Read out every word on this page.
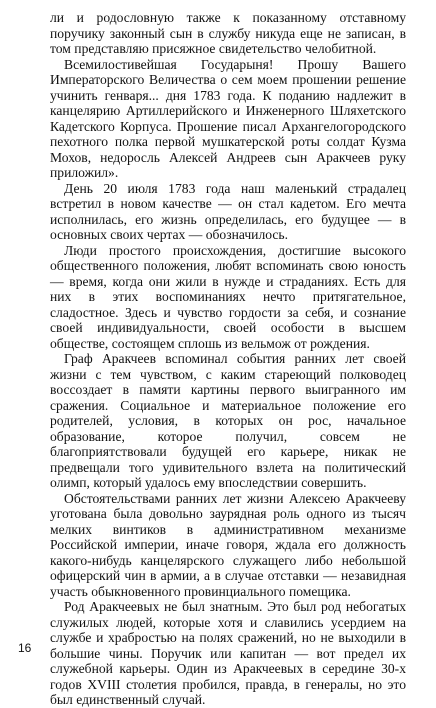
ли и родословную также к показанному отставному поручику законный сын в службу никуда еще не записан, в том представляю присяжное свидетельство челобитной.

Всемилостивейшая Государыня! Прошу Вашего Императорского Величества о сем моем прошении решение учинить генваря... дня 1783 года. К поданию надлежит в канцелярию Артиллерийского и Инженерного Шляхетского Кадетского Корпуса. Прошение писал Архангелогородского пехотного полка первой мушкатерской роты солдат Кузма Мохов, недоросль Алексей Андреев сын Аракчеев руку приложил».

День 20 июля 1783 года наш маленький страдалец встретил в новом качестве — он стал кадетом. Его мечта исполнилась, его жизнь определилась, его будущее — в основных своих чертах — обозначилось.

Люди простого происхождения, достигшие высокого общественного положения, любят вспоминать свою юность — время, когда они жили в нужде и страданиях. Есть для них в этих воспоминаниях нечто притягательное, сладостное. Здесь и чувство гордости за себя, и сознание своей индивидуальности, своей особости в высшем обществе, состоящем сплошь из вельмож от рождения.

Граф Аракчеев вспоминал события ранних лет своей жизни с тем чувством, с каким стареющий полководец воссоздает в памяти картины первого выигранного им сражения. Социальное и материальное положение его родителей, условия, в которых он рос, начальное образование, которое получил, совсем не благоприятствовали будущей его карьере, никак не предвещали того удивительного взлета на политический олимп, который удалось ему впоследствии совершить.

Обстоятельствами ранних лет жизни Алексею Аракчееву уготована была довольно заурядная роль одного из тысяч мелких винтиков в административном механизме Российской империи, иначе говоря, ждала его должность какого-нибудь канцелярского служащего либо небольшой офицерский чин в армии, а в случае отставки — незавидная участь обыкновенного провинциального помещика.

Род Аракчеевых не был знатным. Это был род небогатых служилых людей, которые хотя и славились усердием на службе и храбростью на полях сражений, но не выходили в большие чины. Поручик или капитан — вот предел их служебной карьеры. Один из Аракчеевых в середине 30-х годов XVIII столетия пробился, правда, в генералы, но это был единственный случай.

16
